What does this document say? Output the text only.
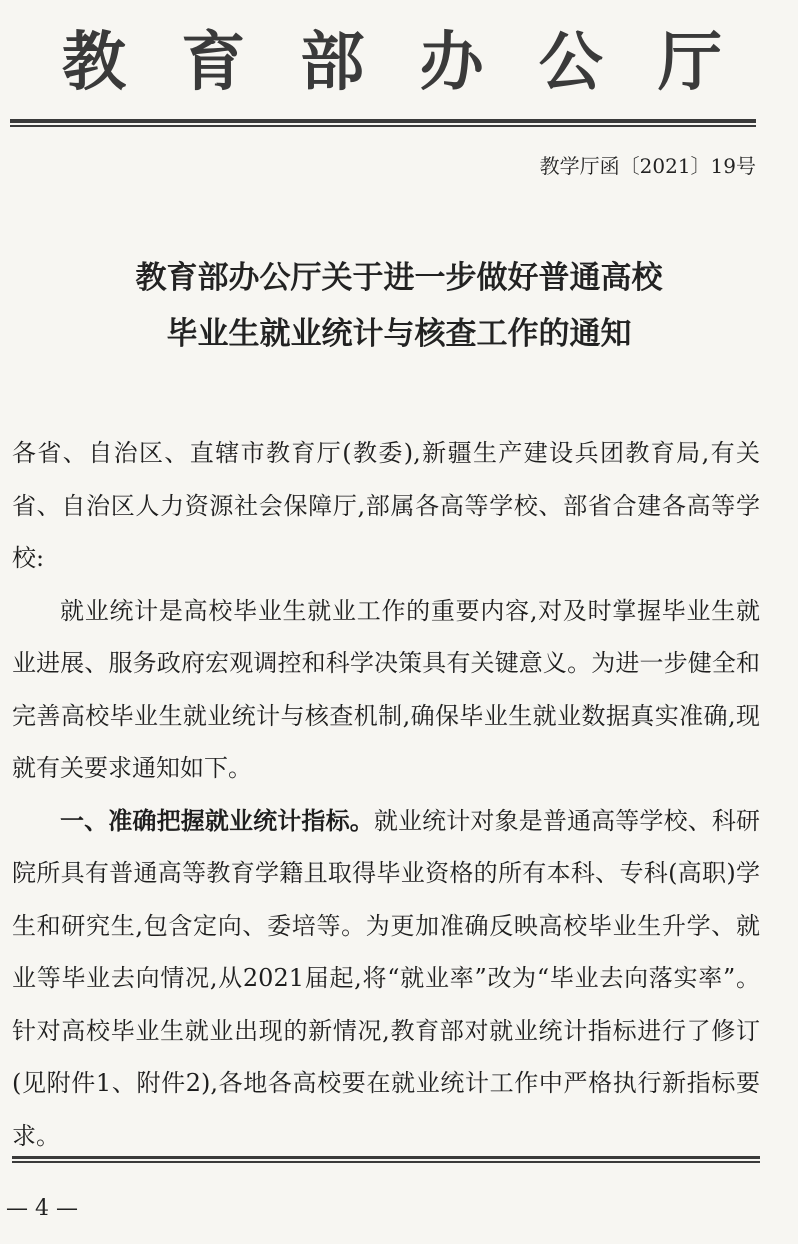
教 育 部 办 公 厅
教学厅函〔2021〕19号
教育部办公厅关于进一步做好普通高校
毕业生就业统计与核查工作的通知

各省、自治区、直辖市教育厅(教委),新疆生产建设兵团教育局,有关省、自治区人力资源社会保障厅,部属各高等学校、部省合建各高等学校:

就业统计是高校毕业生就业工作的重要内容,对及时掌握毕业生就业进展、服务政府宏观调控和科学决策具有关键意义。为进一步健全和完善高校毕业生就业统计与核查机制,确保毕业生就业数据真实准确,现就有关要求通知如下。

一、准确把握就业统计指标。就业统计对象是普通高等学校、科研院所具有普通高等教育学籍且取得毕业资格的所有本科、专科(高职)学生和研究生,包含定向、委培等。为更加准确反映高校毕业生升学、就业等毕业去向情况,从2021届起,将“就业率”改为“毕业去向落实率”。针对高校毕业生就业出现的新情况,教育部对就业统计指标进行了修订(见附件1、附件2),各地各高校要在就业统计工作中严格执行新指标要求。

— 4 —
